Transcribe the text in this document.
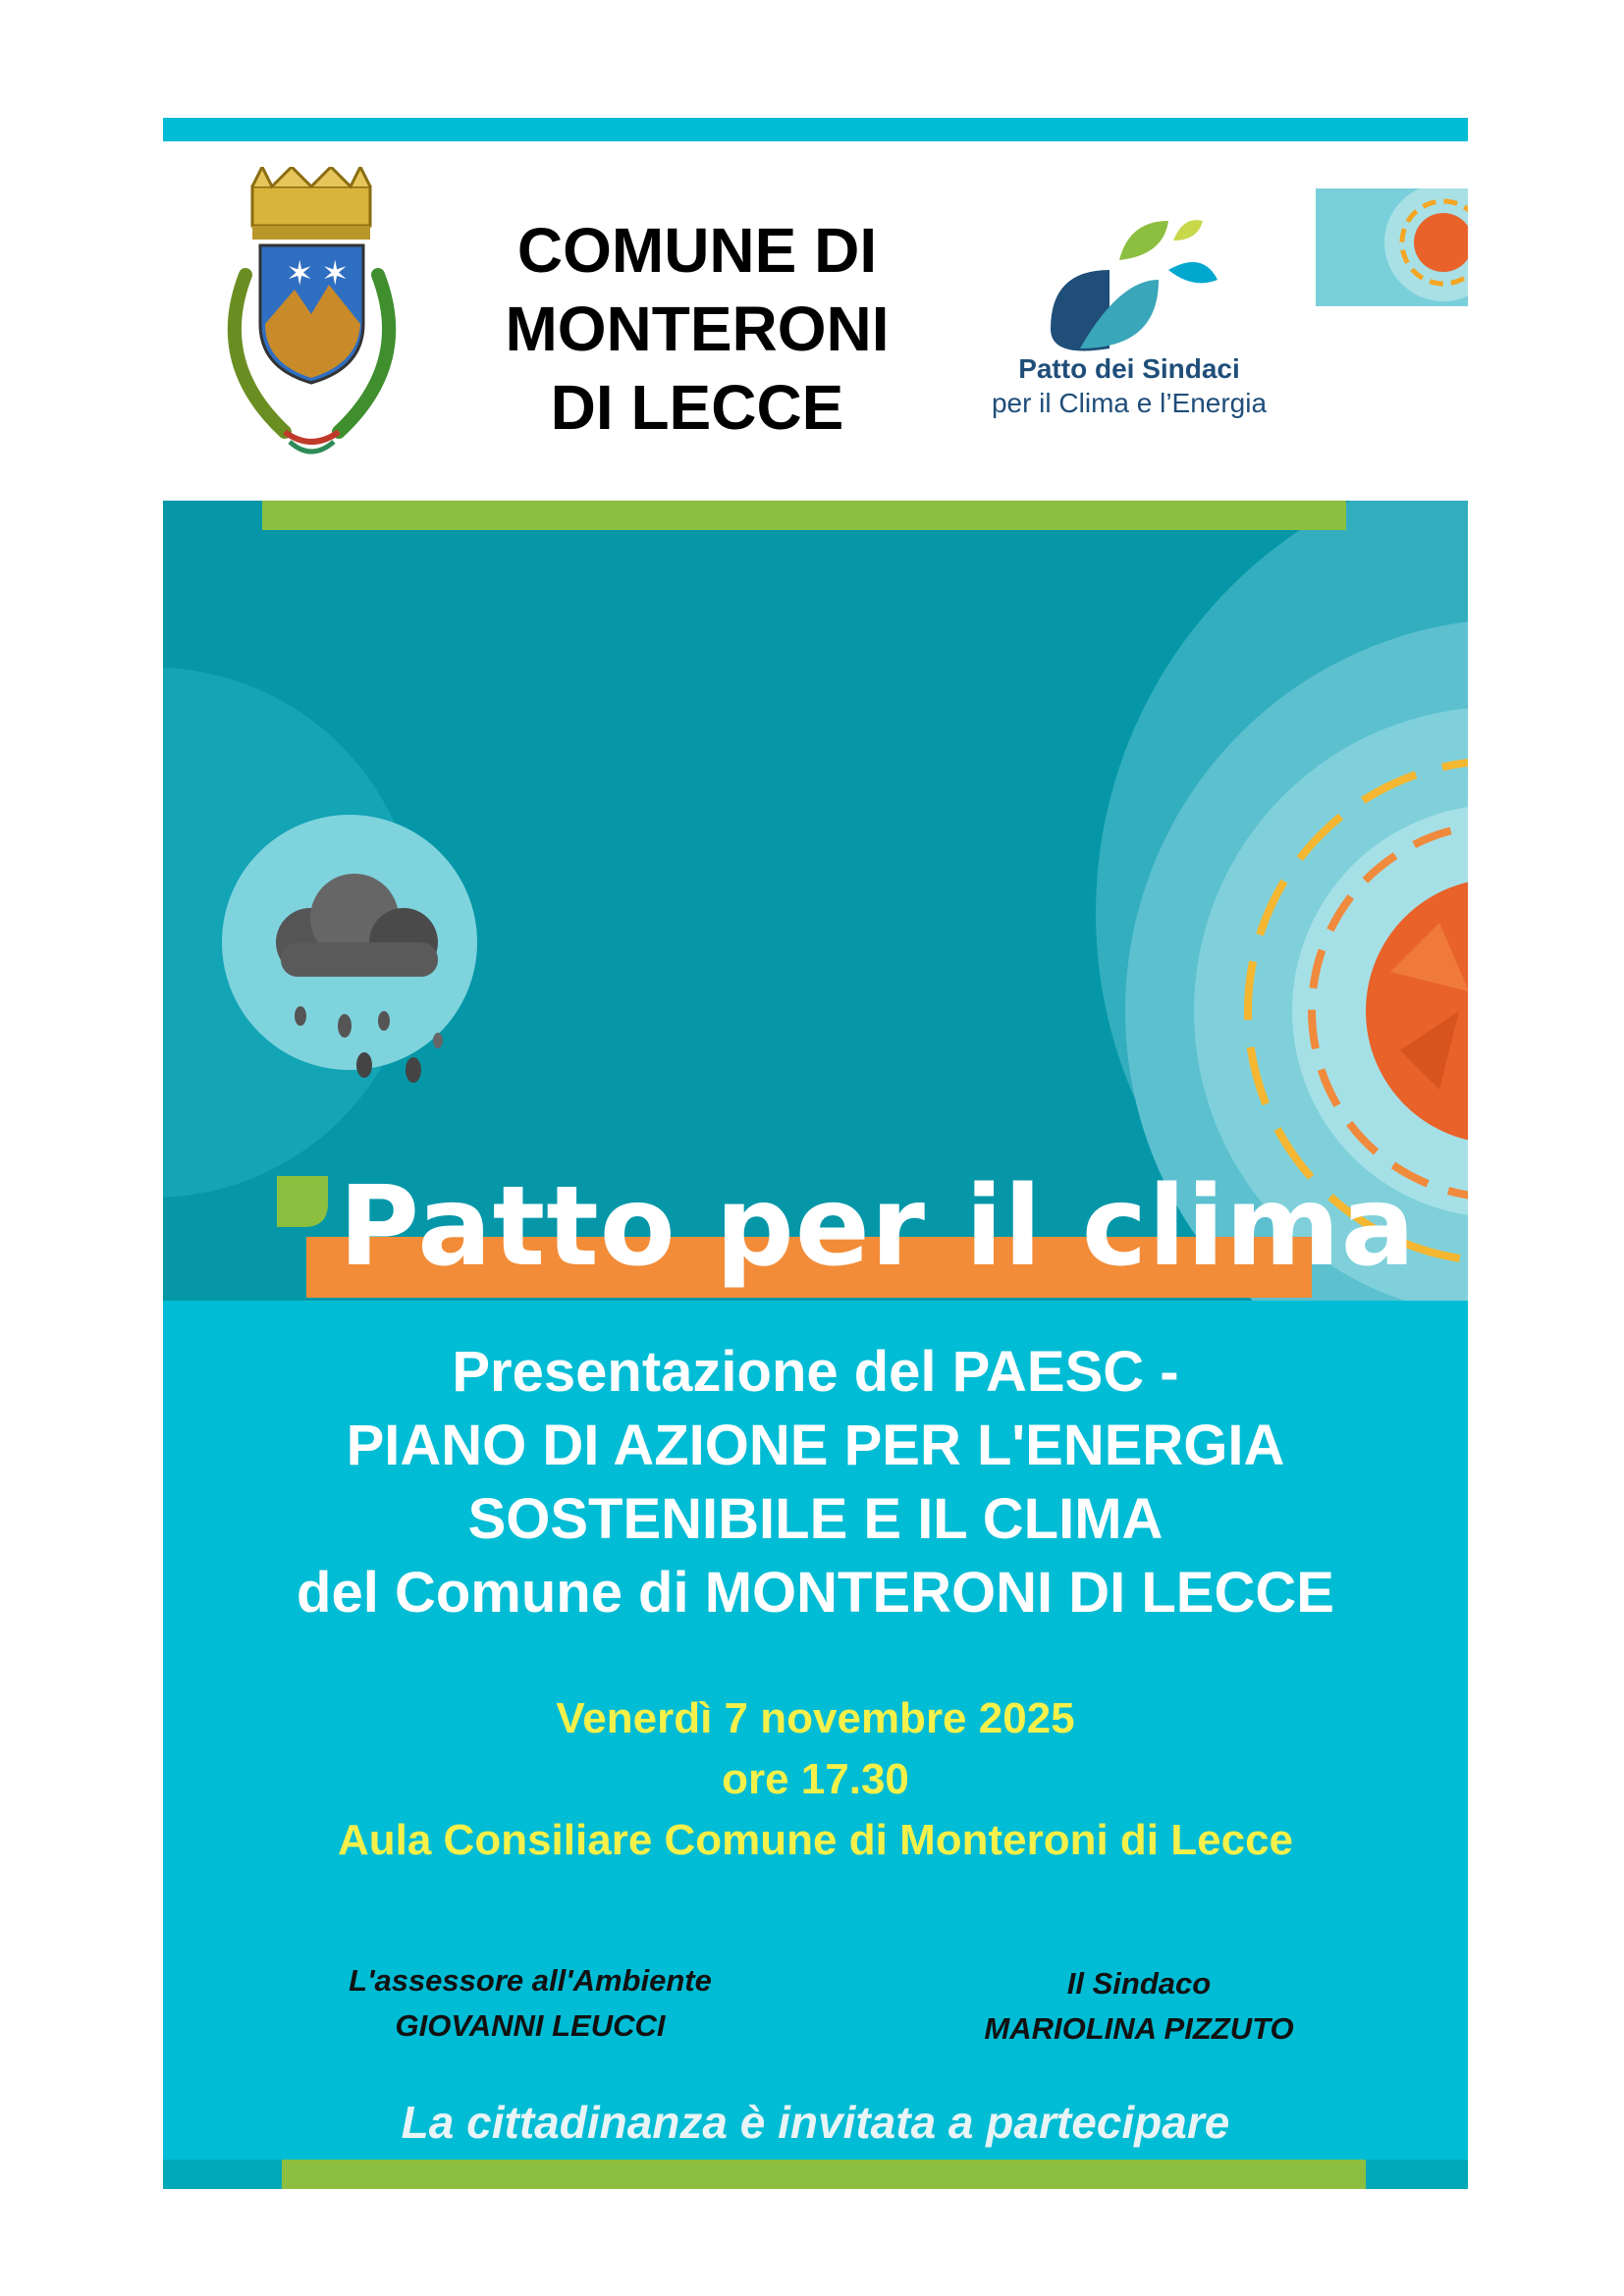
✶ ✶	COMUNE DI
MONTERONI
DI LECCE
Patto dei Sindaci
per il Clima e l’Energia
Patto per il clima
Presentazione del PAESC -
PIANO DI AZIONE PER L'ENERGIA
SOSTENIBILE E IL CLIMA
del Comune di MONTERONI DI LECCE
Venerdì 7 novembre 2025
ore 17.30
Aula Consiliare Comune di Monteroni di Lecce
L'assessore all'Ambiente
GIOVANNI LEUCCI
Il Sindaco
MARIOLINA PIZZUTO
La cittadinanza è invitata a partecipare
